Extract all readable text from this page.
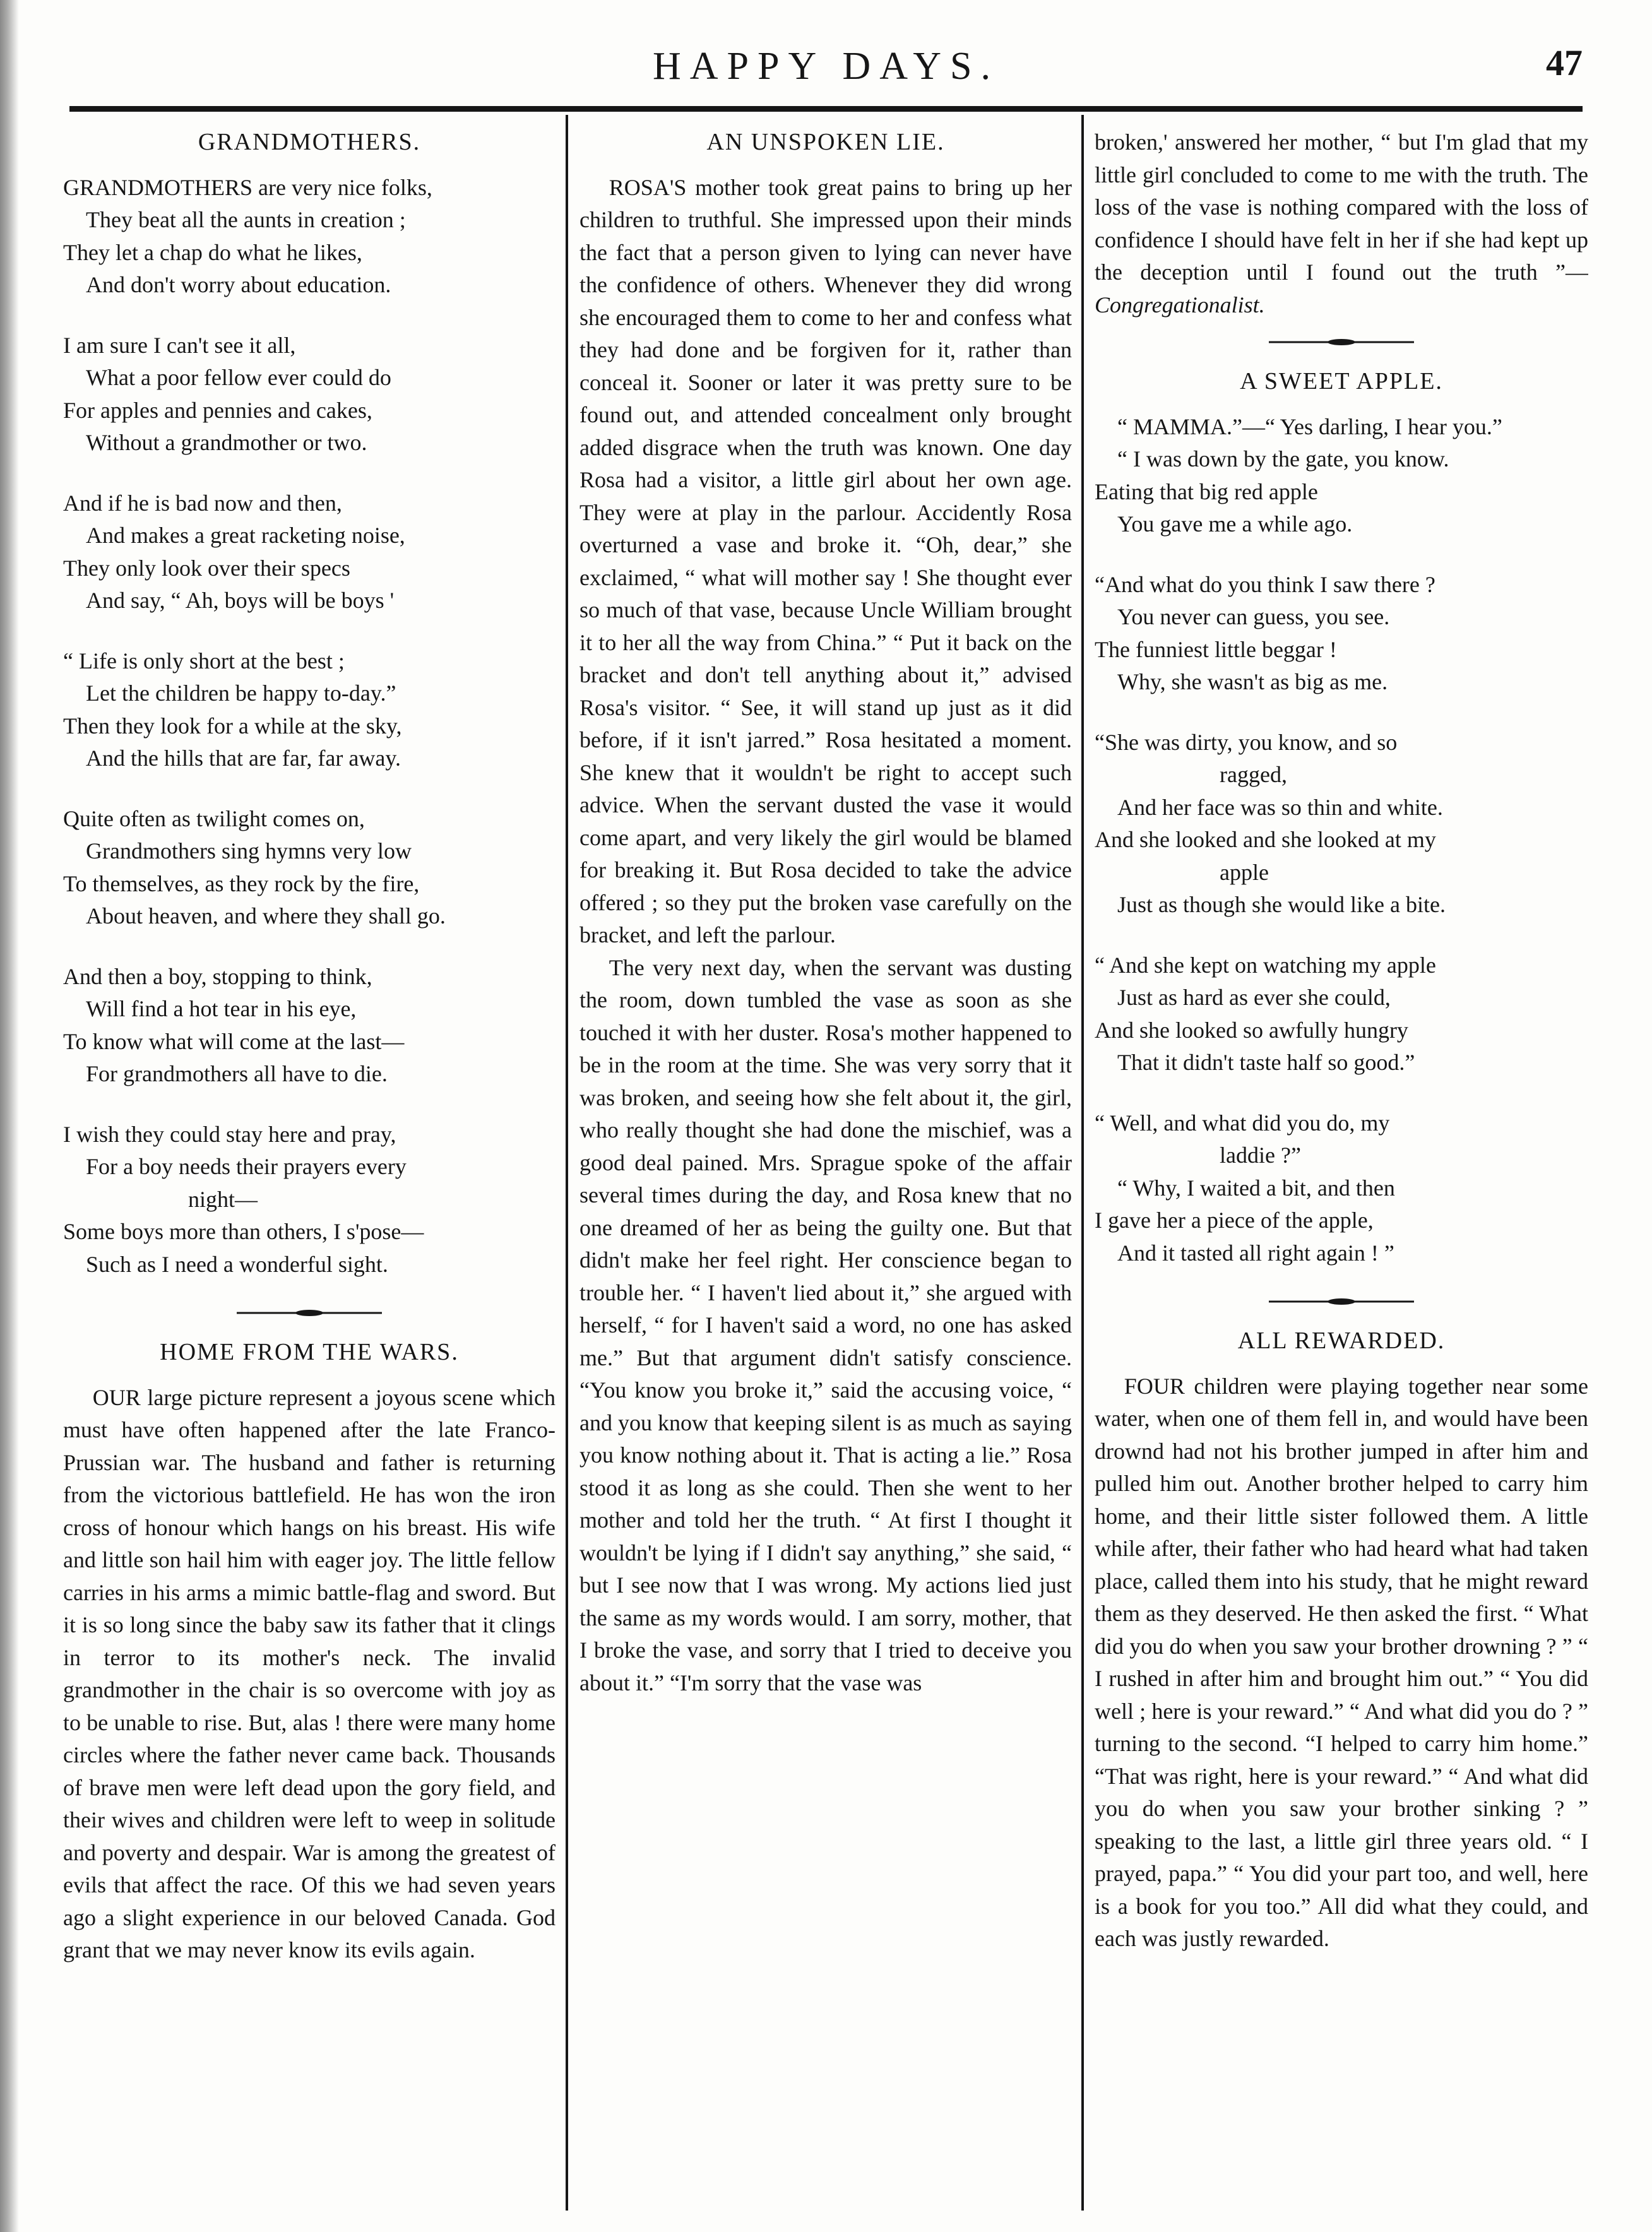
HAPPY DAYS.	47
GRANDMOTHERS.
GRANDMOTHERS are very nice folks,
They beat all the aunts in creation ;
They let a chap do what he likes,
And don't worry about education.
I am sure I can't see it all,
What a poor fellow ever could do
For apples and pennies and cakes,
Without a grandmother or two.
And if he is bad now and then,
And makes a great racketing noise,
They only look over their specs
And say, “ Ah, boys will be boys '
“ Life is only short at the best ;
Let the children be happy to-day.”
Then they look for a while at the sky,
And the hills that are far, far away.
Quite often as twilight comes on,
Grandmothers sing hymns very low
To themselves, as they rock by the fire,
About heaven, and where they shall go.
And then a boy, stopping to think,
Will find a hot tear in his eye,
To know what will come at the last—
For grandmothers all have to die.
I wish they could stay here and pray,
For a boy needs their prayers every
night—
Some boys more than others, I s'pose—
Such as I need a wonderful sight.
HOME FROM THE WARS.

OUR large picture represent a joyous scene which must have often happened after the late Franco-Prussian war. The husband and father is returning from the victorious battlefield. He has won the iron cross of honour which hangs on his breast. His wife and little son hail him with eager joy. The little fellow carries in his arms a mimic battle-flag and sword. But it is so long since the baby saw its father that it clings in terror to its mother's neck. The invalid grandmother in the chair is so overcome with joy as to be unable to rise. But, alas ! there were many home circles where the father never came back. Thousands of brave men were left dead upon the gory field, and their wives and children were left to weep in solitude and poverty and despair. War is among the greatest of evils that affect the race. Of this we had seven years ago a slight experience in our beloved Canada. God grant that we may never know its evils again.

AN UNSPOKEN LIE.

ROSA'S mother took great pains to bring up her children to truthful. She impressed upon their minds the fact that a person given to lying can never have the confidence of others. Whenever they did wrong she encouraged them to come to her and confess what they had done and be forgiven for it, rather than conceal it. Sooner or later it was pretty sure to be found out, and attended concealment only brought added disgrace when the truth was known. One day Rosa had a visitor, a little girl about her own age. They were at play in the parlour. Accidently Rosa overturned a vase and broke it. “Oh, dear,” she exclaimed, “ what will mother say ! She thought ever so much of that vase, because Uncle William brought it to her all the way from China.” “ Put it back on the bracket and don't tell anything about it,” advised Rosa's visitor. “ See, it will stand up just as it did before, if it isn't jarred.” Rosa hesitated a moment. She knew that it wouldn't be right to accept such advice. When the servant dusted the vase it would come apart, and very likely the girl would be blamed for breaking it. But Rosa decided to take the advice offered ; so they put the broken vase carefully on the bracket, and left the parlour.

The very next day, when the servant was dusting the room, down tumbled the vase as soon as she touched it with her duster. Rosa's mother happened to be in the room at the time. She was very sorry that it was broken, and seeing how she felt about it, the girl, who really thought she had done the mischief, was a good deal pained. Mrs. Sprague spoke of the affair several times during the day, and Rosa knew that no one dreamed of her as being the guilty one. But that didn't make her feel right. Her conscience began to trouble her. “ I haven't lied about it,” she argued with herself, “ for I haven't said a word, no one has asked me.” But that argument didn't satisfy conscience. “You know you broke it,” said the accusing voice, “ and you know that keeping silent is as much as saying you know nothing about it. That is acting a lie.” Rosa stood it as long as she could. Then she went to her mother and told her the truth. “ At first I thought it wouldn't be lying if I didn't say anything,” she said, “ but I see now that I was wrong. My actions lied just the same as my words would. I am sorry, mother, that I broke the vase, and sorry that I tried to deceive you about it.” “I'm sorry that the vase was

broken,' answered her mother, “ but I'm glad that my little girl concluded to come to me with the truth. The loss of the vase is nothing compared with the loss of confidence I should have felt in her if she had kept up the deception until I found out the truth ”—Congregationalist.

A SWEET APPLE.
“ MAMMA.”—“ Yes darling, I hear you.”
“ I was down by the gate, you know.
Eating that big red apple
You gave me a while ago.
“And what do you think I saw there ?
You never can guess, you see.
The funniest little beggar !
Why, she wasn't as big as me.
“She was dirty, you know, and so
ragged,
And her face was so thin and white.
And she looked and she looked at my
apple
Just as though she would like a bite.
“ And she kept on watching my apple
Just as hard as ever she could,
And she looked so awfully hungry
That it didn't taste half so good.”
“ Well, and what did you do, my
laddie ?”
“ Why, I waited a bit, and then
I gave her a piece of the apple,
And it tasted all right again ! ”
ALL REWARDED.

FOUR children were playing together near some water, when one of them fell in, and would have been drownd had not his brother jumped in after him and pulled him out. Another brother helped to carry him home, and their little sister followed them. A little while after, their father who had heard what had taken place, called them into his study, that he might reward them as they deserved. He then asked the first. “ What did you do when you saw your brother drowning ? ” “ I rushed in after him and brought him out.” “ You did well ; here is your reward.” “ And what did you do ? ” turning to the second. “I helped to carry him home.” “That was right, here is your reward.” “ And what did you do when you saw your brother sinking ? ” speaking to the last, a little girl three years old. “ I prayed, papa.” “ You did your part too, and well, here is a book for you too.” All did what they could, and each was justly rewarded.
